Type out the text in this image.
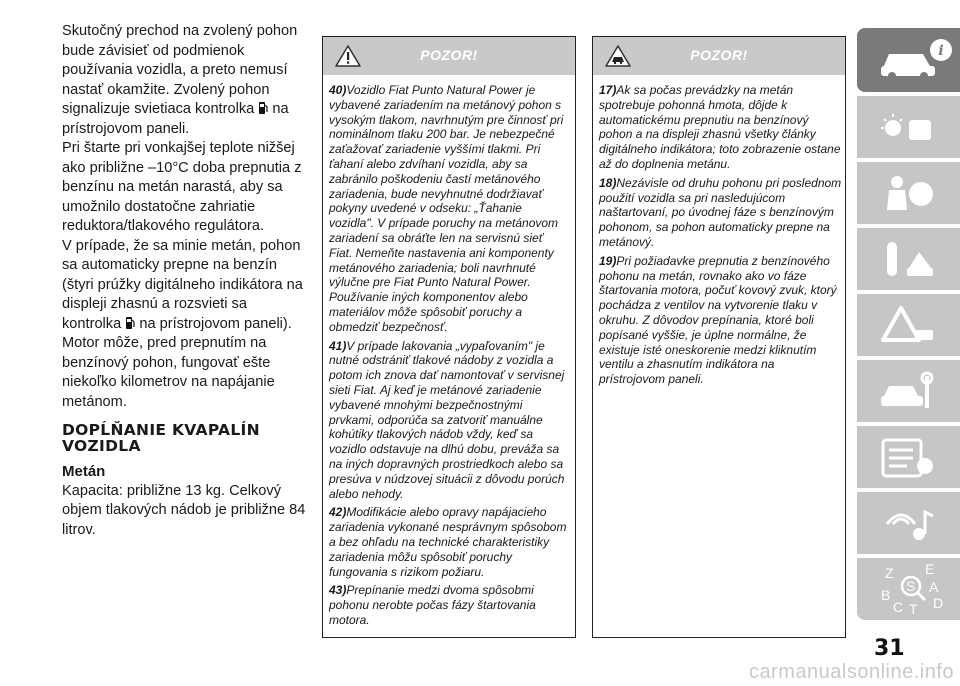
Skutočný prechod na zvolený pohon bude závisieť od podmienok používania vozidla, a preto nemusí nastať okamžite. Zvolený pohon signalizuje svietiaca kontrolka na prístrojovom paneli.

Pri štarte pri vonkajšej teplote nižšej ako približne –10°C doba prepnutia z benzínu na metán narastá, aby sa umožnilo dostatočne zahriatie reduktora/tlakového regulátora.

V prípade, že sa minie metán, pohon sa automaticky prepne na benzín (štyri prúžky digitálneho indikátora na displeji zhasnú a rozsvieti sa kontrolka na prístrojovom paneli). Motor môže, pred prepnutím na benzínový pohon, fungovať ešte niekoľko kilometrov na napájanie metánom.

DOPĹŇANIE KVAPALÍN VOZIDLA

Metán

Kapacita: približne 13 kg. Celkový objem tlakových nádob je približne 84 litrov.

POZOR!

40)Vozidlo Fiat Punto Natural Power je vybavené zariadením na metánový pohon s vysokým tlakom, navrhnutým pre činnosť pri nominálnom tlaku 200 bar. Je nebezpečné zaťažovať zariadenie vyššími tlakmi. Pri ťahaní alebo zdvíhaní vozidla, aby sa zabránilo poškodeniu častí metánového zariadenia, bude nevyhnutné dodržiavať pokyny uvedené v odseku: „Ťahanie vozidla". V prípade poruchy na metánovom zariadení sa obráťte len na servisnú sieť Fiat. Nemeňte nastavenia ani komponenty metánového zariadenia; boli navrhnuté výlučne pre Fiat Punto Natural Power. Používanie iných komponentov alebo materiálov môže spôsobiť poruchy a obmedziť bezpečnosť.

41)V prípade lakovania „vypaľovaním" je nutné odstrániť tlakové nádoby z vozidla a potom ich znova dať namontovať v servisnej sieti Fiat. Aj keď je metánové zariadenie vybavené mnohými bezpečnostnými prvkami, odporúča sa zatvoriť manuálne kohútiky tlakových nádob vždy, keď sa vozidlo odstavuje na dlhú dobu, preváža sa na iných dopravných prostriedkoch alebo sa presúva v núdzovej situácii z dôvodu porúch alebo nehody.

42)Modifikácie alebo opravy napájacieho zariadenia vykonané nesprávnym spôsobom a bez ohľadu na technické charakteristiky zariadenia môžu spôsobiť poruchy fungovania s rizikom požiaru.

43)Prepínanie medzi dvoma spôsobmi pohonu nerobte počas fázy štartovania motora.

POZOR!

17)Ak sa počas prevádzky na metán spotrebuje pohonná hmota, dôjde k automatickému prepnutiu na benzínový pohon a na displeji zhasnú všetky články digitálneho indikátora; toto zobrazenie ostane až do doplnenia metánu.

18)Nezávisle od druhu pohonu pri poslednom použití vozidla sa pri nasledujúcom naštartovaní, po úvodnej fáze s benzínovým pohonom, sa pohon automaticky prepne na metánový.

19)Pri požiadavke prepnutia z benzínového pohonu na metán, rovnako ako vo fáze štartovania motora, počuť kovový zvuk, ktorý pochádza z ventilov na vytvorenie tlaku v okruhu. Z dôvodov prepínania, ktoré boli popísané vyššie, je úplne normálne, že existuje isté oneskorenie medzi kliknutím ventilu a zhasnutím indikátora na prístrojovom paneli.

i
Z E
S A
B
C T D
31
carmanualsonline.info
